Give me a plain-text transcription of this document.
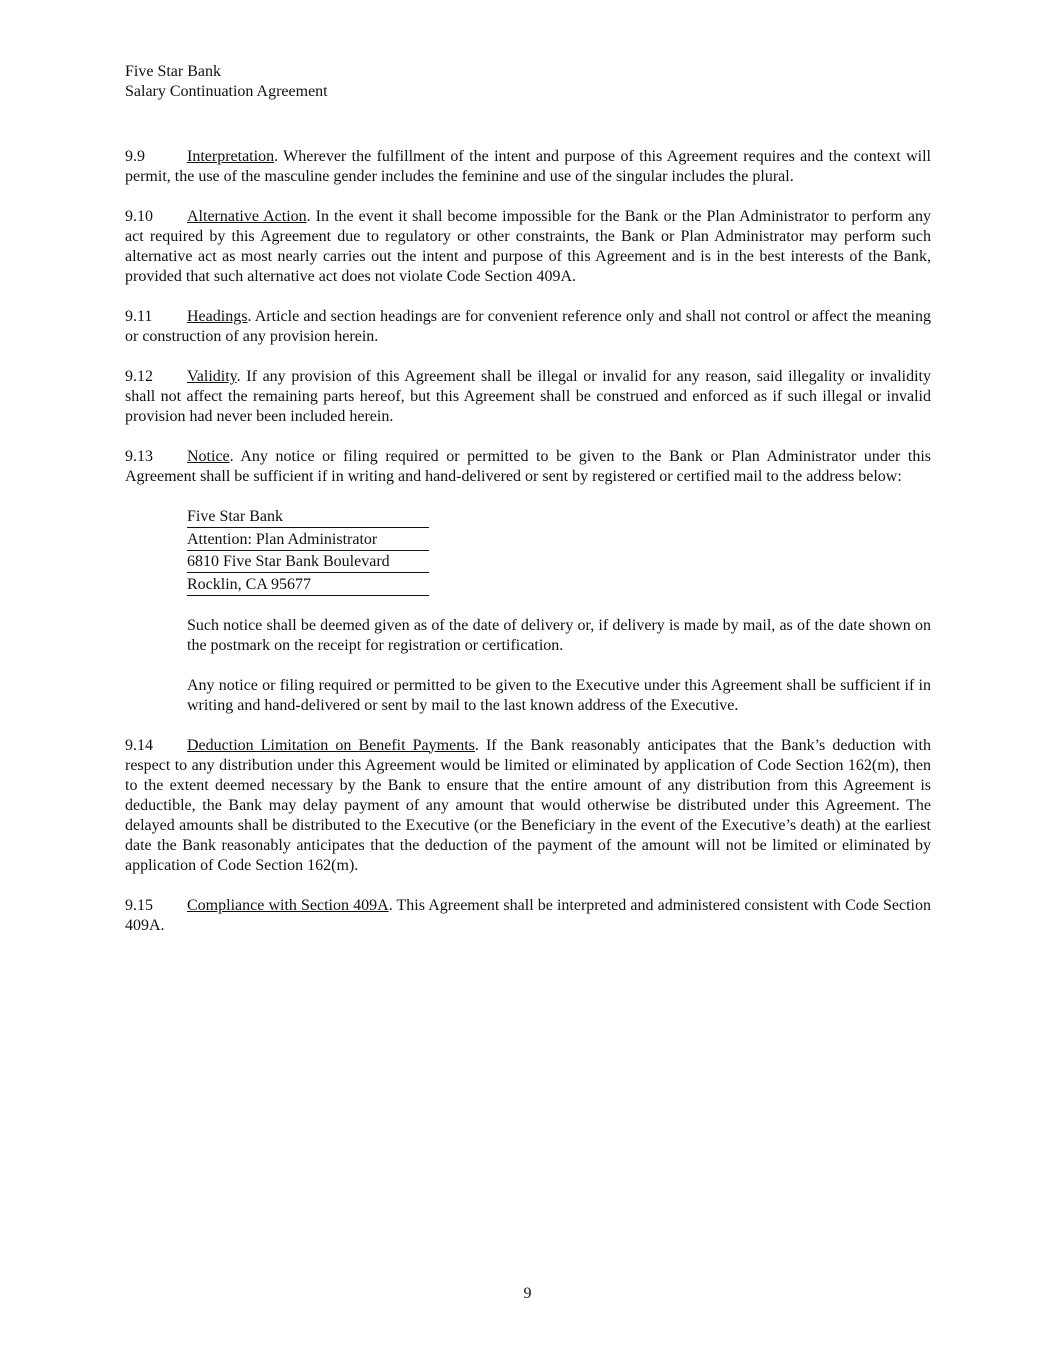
Five Star Bank
Salary Continuation Agreement

9.9	Interpretation. Wherever the fulfillment of the intent and purpose of this Agreement requires and the context will permit, the use of the masculine gender includes the feminine and use of the singular includes the plural.

9.10 Alternative Action. In the event it shall become impossible for the Bank or the Plan Administrator to perform any act required by this Agreement due to regulatory or other constraints, the Bank or Plan Administrator may perform such alternative act as most nearly carries out the intent and purpose of this Agreement and is in the best interests of the Bank, provided that such alternative act does not violate Code Section 409A.

9.11 Headings. Article and section headings are for convenient reference only and shall not control or affect the meaning or construction of any provision herein.

9.12 Validity. If any provision of this Agreement shall be illegal or invalid for any reason, said illegality or invalidity shall not affect the remaining parts hereof, but this Agreement shall be construed and enforced as if such illegal or invalid provision had never been included herein.

9.13 Notice. Any notice or filing required or permitted to be given to the Bank or Plan Administrator under this Agreement shall be sufficient if in writing and hand-delivered or sent by registered or certified mail to the address below:

Five Star Bank
Attention: Plan Administrator
6810 Five Star Bank Boulevard
Rocklin, CA 95677

Such notice shall be deemed given as of the date of delivery or, if delivery is made by mail, as of the date shown on the postmark on the receipt for registration or certification.

Any notice or filing required or permitted to be given to the Executive under this Agreement shall be sufficient if in writing and hand-delivered or sent by mail to the last known address of the Executive.

9.14 Deduction Limitation on Benefit Payments. If the Bank reasonably anticipates that the Bank’s deduction with respect to any distribution under this Agreement would be limited or eliminated by application of Code Section 162(m), then to the extent deemed necessary by the Bank to ensure that the entire amount of any distribution from this Agreement is deductible, the Bank may delay payment of any amount that would otherwise be distributed under this Agreement. The delayed amounts shall be distributed to the Executive (or the Beneficiary in the event of the Executive’s death) at the earliest date the Bank reasonably anticipates that the deduction of the payment of the amount will not be limited or eliminated by application of Code Section 162(m).

9.15 Compliance with Section 409A. This Agreement shall be interpreted and administered consistent with Code Section 409A.

9
